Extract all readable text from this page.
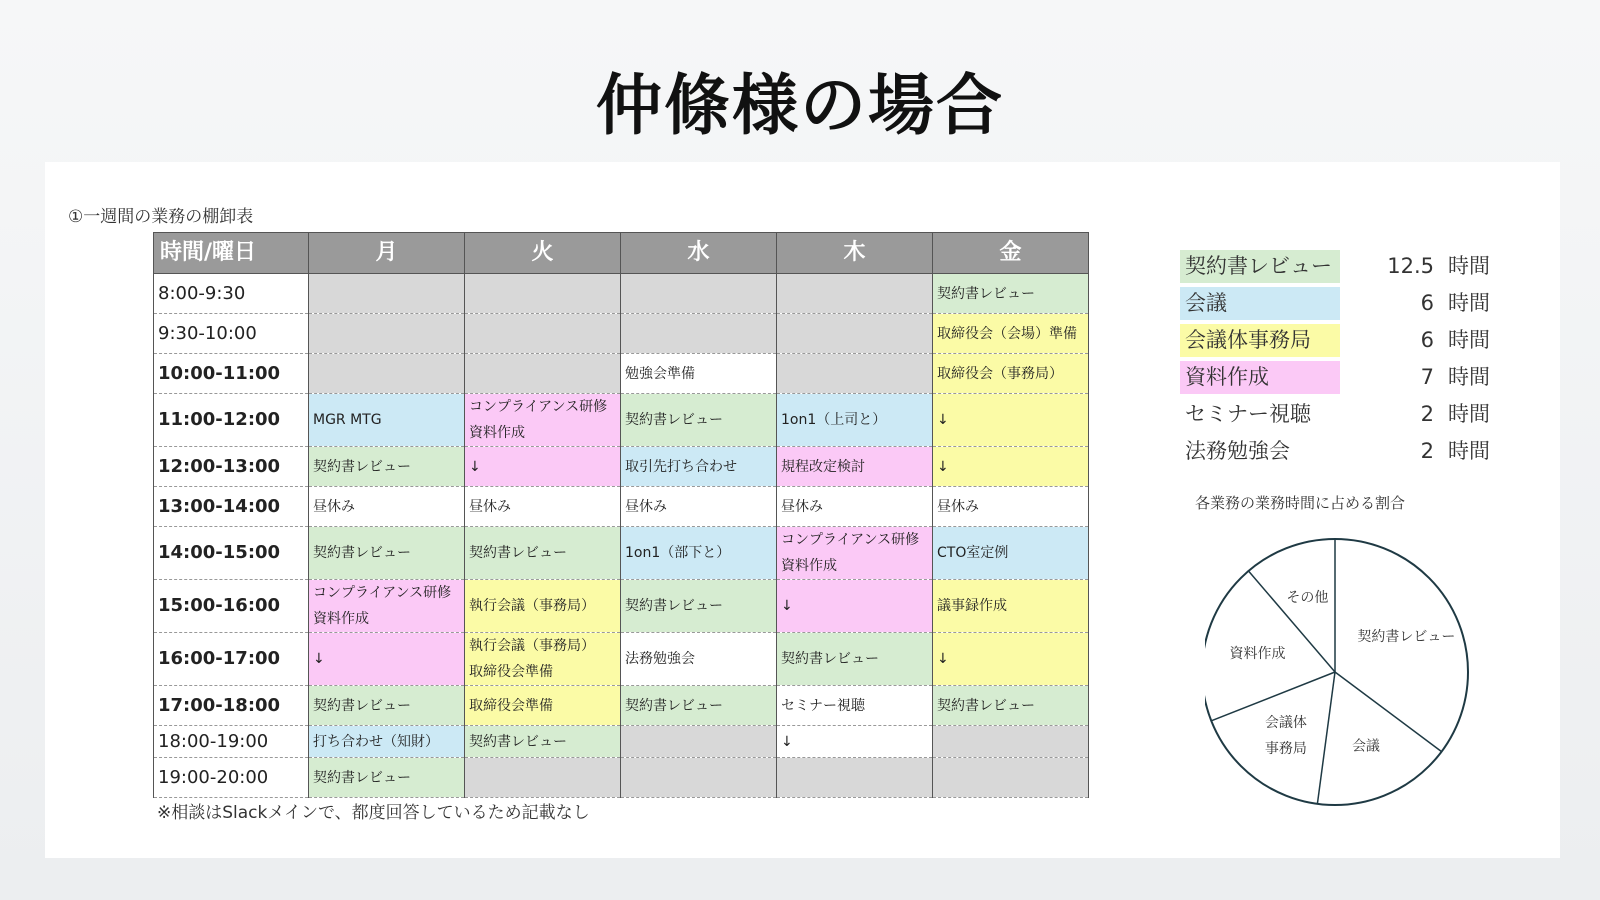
仲條様の場合
①一週間の業務の棚卸表
時間/曜日	月	火	水	木	金
8:00-9:30					契約書レビュー

9:30-10:00					取締役会（会場）準備

10:00-11:00			勉強会準備		取締役会（事務局）

11:00-12:00	MGR MTG	コンプライアンス研修
資料作成	契約書レビュー	1on1（上司と）	↓

12:00-13:00	契約書レビュー	↓	取引先打ち合わせ	規程改定検討	↓

13:00-14:00	昼休み	昼休み	昼休み	昼休み	昼休み

14:00-15:00	契約書レビュー	契約書レビュー	1on1（部下と）	コンプライアンス研修
資料作成	CTO室定例

15:00-16:00	コンプライアンス研修
資料作成	執行会議（事務局）	契約書レビュー	↓	議事録作成

16:00-17:00	↓	執行会議（事務局）
取締役会準備	法務勉強会	契約書レビュー	↓

17:00-18:00	契約書レビュー	取締役会準備	契約書レビュー	セミナー視聴	契約書レビュー

18:00-19:00	打ち合わせ（知財）	契約書レビュー		↓	

19:00-20:00	契約書レビュー				

※相談はSlackメインで、都度回答しているため記載なし
契約書レビュー	12.5 時間
会議	6 時間
会議体事務局	6 時間
資料作成	7 時間
セミナー視聴	2 時間
法務勉強会	2 時間
各業務の業務時間に占める割合
契約書レビュー
会議
会議体事務局
資料作成
その他
